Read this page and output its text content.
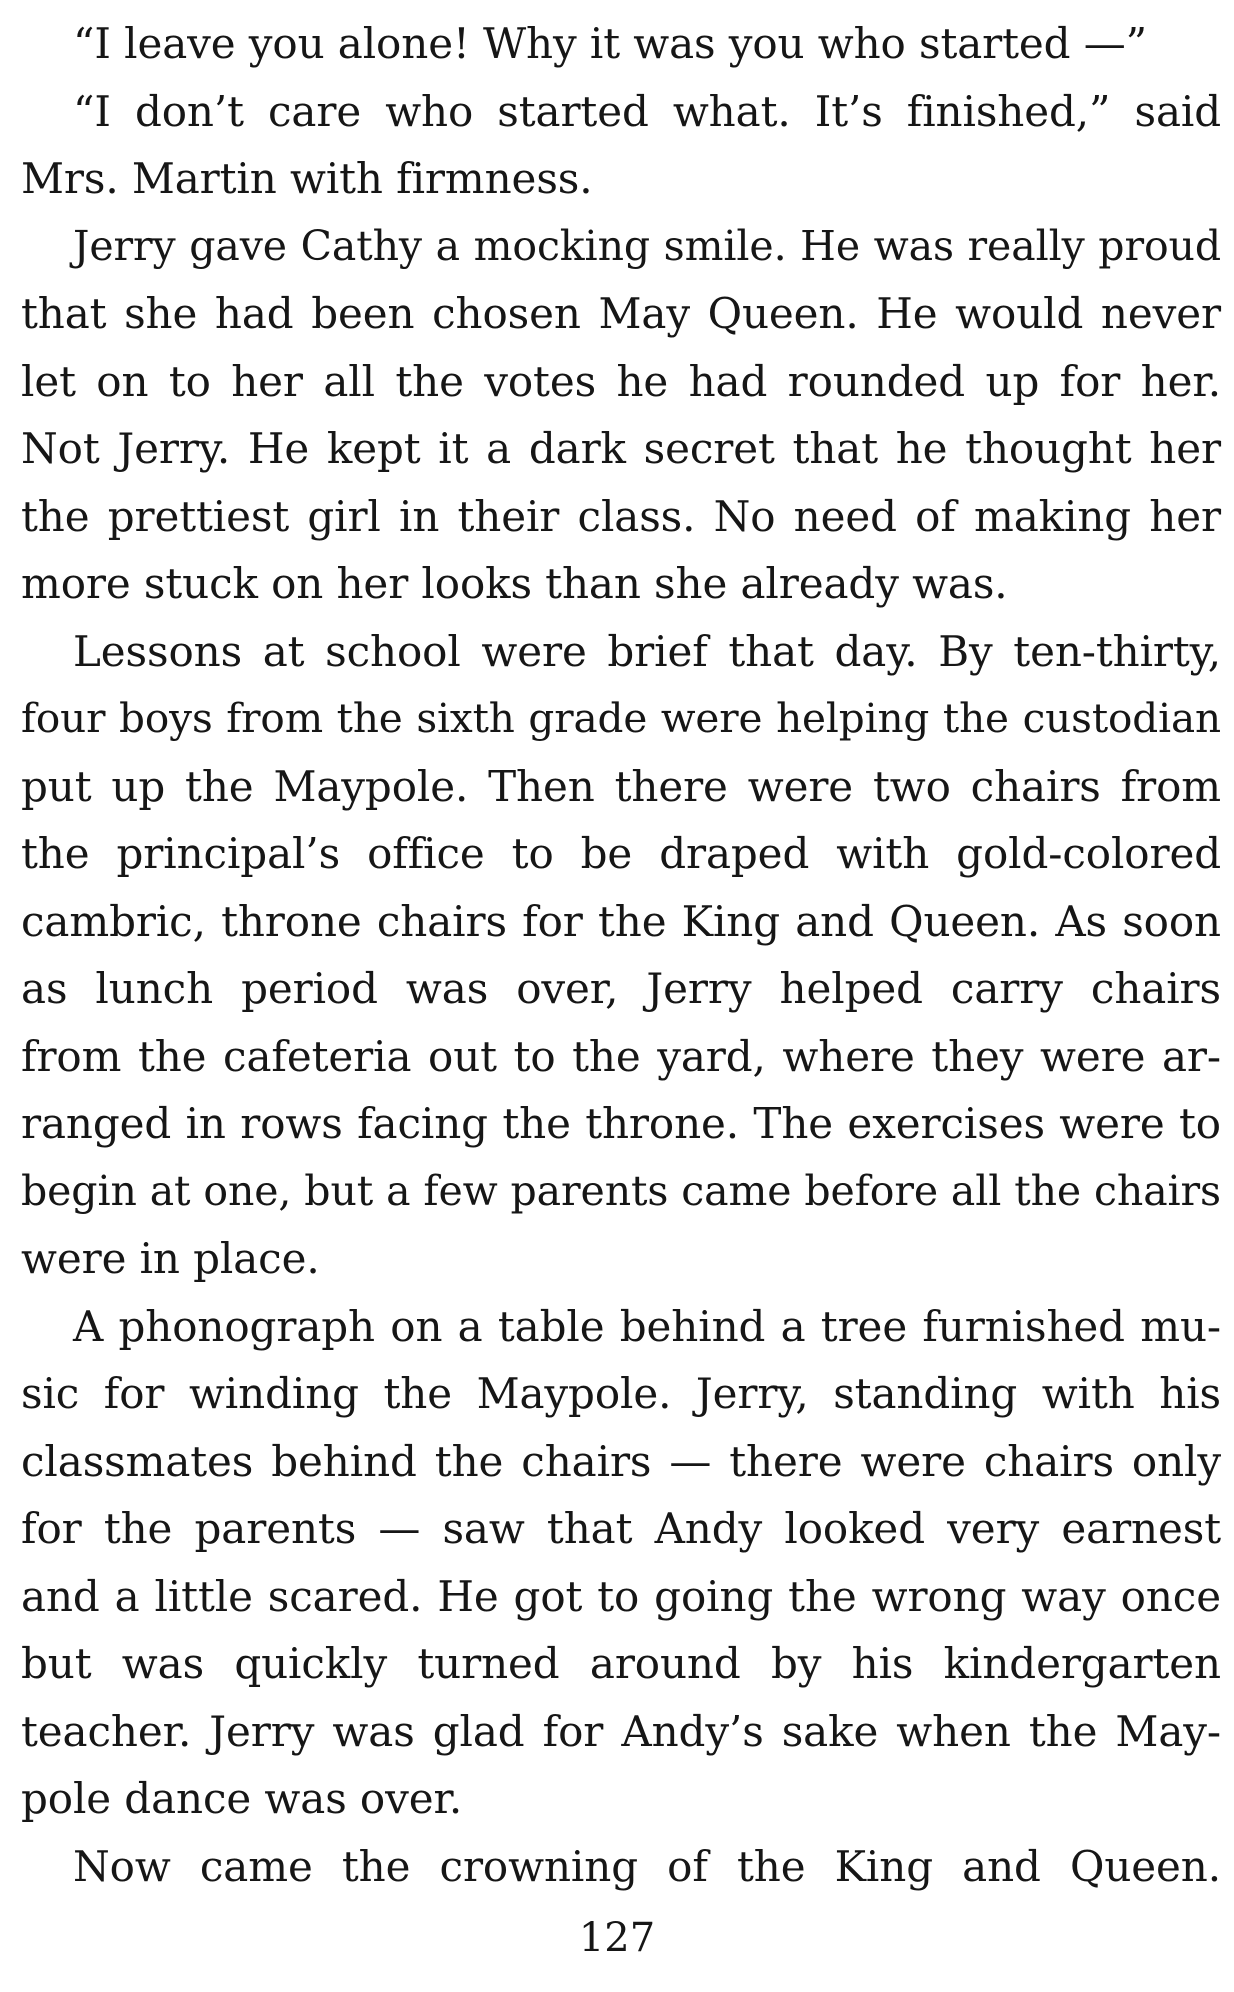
“I leave you alone! Why it was you who started —”
“I don’t care who started what. It’s finished,” said
Mrs. Martin with firmness.
Jerry gave Cathy a mocking smile. He was really proud
that she had been chosen May Queen. He would never
let on to her all the votes he had rounded up for her.
Not Jerry. He kept it a dark secret that he thought her
the prettiest girl in their class. No need of making her
more stuck on her looks than she already was.
Lessons at school were brief that day. By ten-thirty,
four boys from the sixth grade were helping the custodian
put up the Maypole. Then there were two chairs from
the principal’s office to be draped with gold-colored
cambric, throne chairs for the King and Queen. As soon
as lunch period was over, Jerry helped carry chairs
from the cafeteria out to the yard, where they were ar-
ranged in rows facing the throne. The exercises were to
begin at one, but a few parents came before all the chairs
were in place.
A phonograph on a table behind a tree furnished mu-
sic for winding the Maypole. Jerry, standing with his
classmates behind the chairs — there were chairs only
for the parents — saw that Andy looked very earnest
and a little scared. He got to going the wrong way once
but was quickly turned around by his kindergarten
teacher. Jerry was glad for Andy’s sake when the May-
pole dance was over.
Now came the crowning of the King and Queen.
127
